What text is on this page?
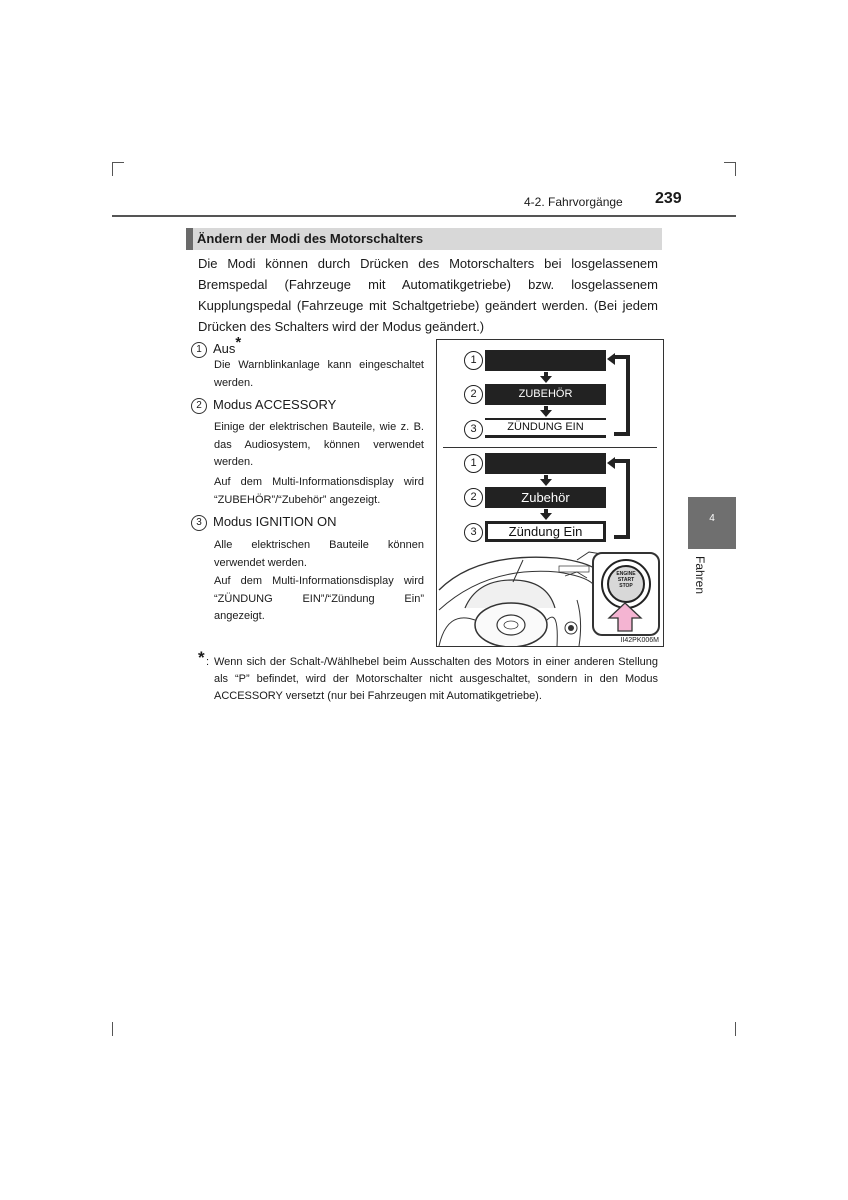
4-2. Fahrvorgänge 239
4
Fahren
Ändern der Modi des Motorschalters

Die Modi können durch Drücken des Motorschalters bei losgelassenem Bremspedal (Fahrzeuge mit Automatikgetriebe) bzw. losgelassenem Kupplungspedal (Fahrzeuge mit Schaltgetriebe) geändert werden. (Bei jedem Drücken des Schalters wird der Modus geändert.)

1 Aus*

Die Warnblinkanlage kann eingeschaltet werden.

2 Modus ACCESSORY

Einige der elektrischen Bauteile, wie z. B. das Audiosystem, können verwendet werden.

Auf dem Multi-Informationsdisplay wird “ZUBEHÖR”/“Zubehör” angezeigt.

3 Modus IGNITION ON

Alle elektrischen Bauteile können verwendet werden.

Auf dem Multi-Informationsdisplay wird “ZÜNDUNG EIN”/“Zündung Ein” angezeigt.

1
2	ZUBEHÖR
3	ZÜNDUNG EIN
1
2	Zubehör
3	Zündung Ein
ENGINE
START
STOP
II42PK006M
* : Wenn sich der Schalt-/Wählhebel beim Ausschalten des Motors in einer anderen Stellung als “P” befindet, wird der Motorschalter nicht ausgeschaltet, sondern in den Modus ACCESSORY versetzt (nur bei Fahrzeugen mit Automatikgetriebe).
